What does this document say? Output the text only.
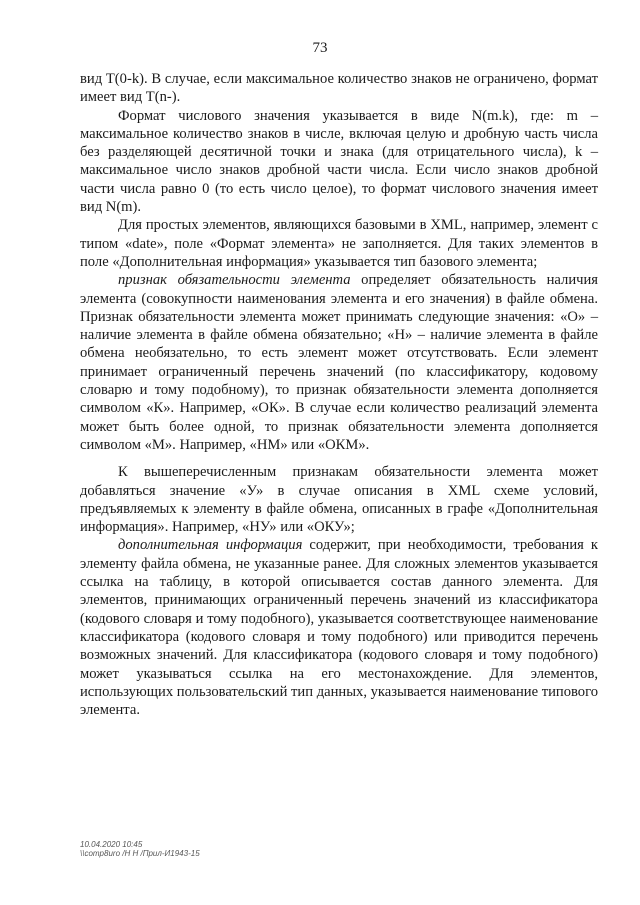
73

вид T(0-k). В случае, если максимальное количество знаков не ограничено, формат имеет вид T(n-).

Формат числового значения указывается в виде N(m.k), где: m – максимальное количество знаков в числе, включая целую и дробную часть числа без разделяющей десятичной точки и знака (для отрицательного числа), k – максимальное число знаков дробной части числа. Если число знаков дробной части числа равно 0 (то есть число целое), то формат числового значения имеет вид N(m).

Для простых элементов, являющихся базовыми в XML, например, элемент с типом «date», поле «Формат элемента» не заполняется. Для таких элементов в поле «Дополнительная информация» указывается тип базового элемента;

признак обязательности элемента определяет обязательность наличия элемента (совокупности наименования элемента и его значения) в файле обмена. Признак обязательности элемента может принимать следующие значения: «О» – наличие элемента в файле обмена обязательно; «Н» – наличие элемента в файле обмена необязательно, то есть элемент может отсутствовать. Если элемент принимает ограниченный перечень значений (по классификатору, кодовому словарю и тому подобному), то признак обязательности элемента дополняется символом «К». Например, «ОК». В случае если количество реализаций элемента может быть более одной, то признак обязательности элемента дополняется символом «М». Например, «НМ» или «ОКМ».

К вышеперечисленным признакам обязательности элемента может добавляться значение «У» в случае описания в XML схеме условий, предъявляемых к элементу в файле обмена, описанных в графе «Дополнительная информация». Например, «НУ» или «ОКУ»;

дополнительная информация содержит, при необходимости, требования к элементу файла обмена, не указанные ранее. Для сложных элементов указывается ссылка на таблицу, в которой описывается состав данного элемента. Для элементов, принимающих ограниченный перечень значений из классификатора (кодового словаря и тому подобного), указывается соответствующее наименование классификатора (кодового словаря и тому подобного) или приводится перечень возможных значений. Для классификатора (кодового словаря и тому подобного) может указываться ссылка на его местонахождение. Для элементов, использующих пользовательский тип данных, указывается наименование типового элемента.

10.04.2020 10:45
\\comp8uro /Н Н /Прил-И1943-15
